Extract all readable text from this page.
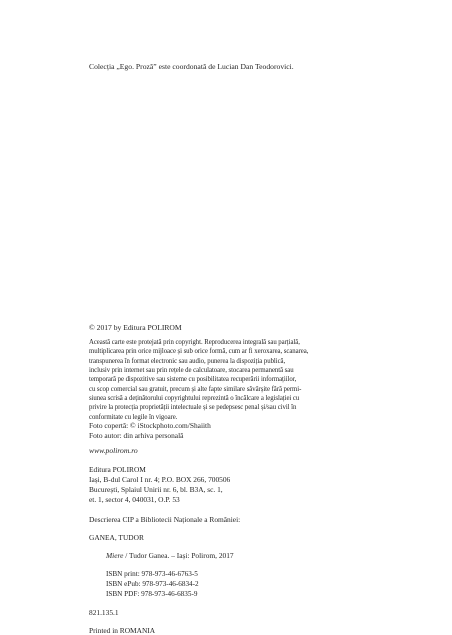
Colecția „Ego. Proză” este coordonată de Lucian Dan Teodorovici.
© 2017 by Editura POLIROM
Această carte este protejată prin copyright. Reproducerea integrală sau parțială,
multiplicarea prin orice mijloace și sub orice formă, cum ar fi xeroxarea, scanarea,
transpunerea în format electronic sau audio, punerea la dispoziția publică,
inclusiv prin internet sau prin rețele de calculatoare, stocarea permanentă sau
temporară pe dispozitive sau sisteme cu posibilitatea recuperării informațiilor,
cu scop comercial sau gratuit, precum și alte fapte similare săvârșite fără permi-
siunea scrisă a deținătorului copyrightului reprezintă o încălcare a legislației cu
privire la protecția proprietății intelectuale și se pedepsesc penal și/sau civil în
conformitate cu legile în vigoare.
Foto copertă: © iStockphoto.com/Shaiith
Foto autor: din arhiva personală
www.polirom.ro
Editura POLIROM
Iași, B-dul Carol I nr. 4; P.O. BOX 266, 700506
București, Splaiul Unirii nr. 6, bl. B3A, sc. 1,
et. 1, sector 4, 040031, O.P. 53
Descrierea CIP a Bibliotecii Naționale a României:
GANEA, TUDOR
Miere / Tudor Ganea. – Iași: Polirom, 2017
ISBN print: 978-973-46-6763-5
ISBN ePub: 978-973-46-6834-2
ISBN PDF: 978-973-46-6835-9
821.135.1
Printed in ROMANIA
